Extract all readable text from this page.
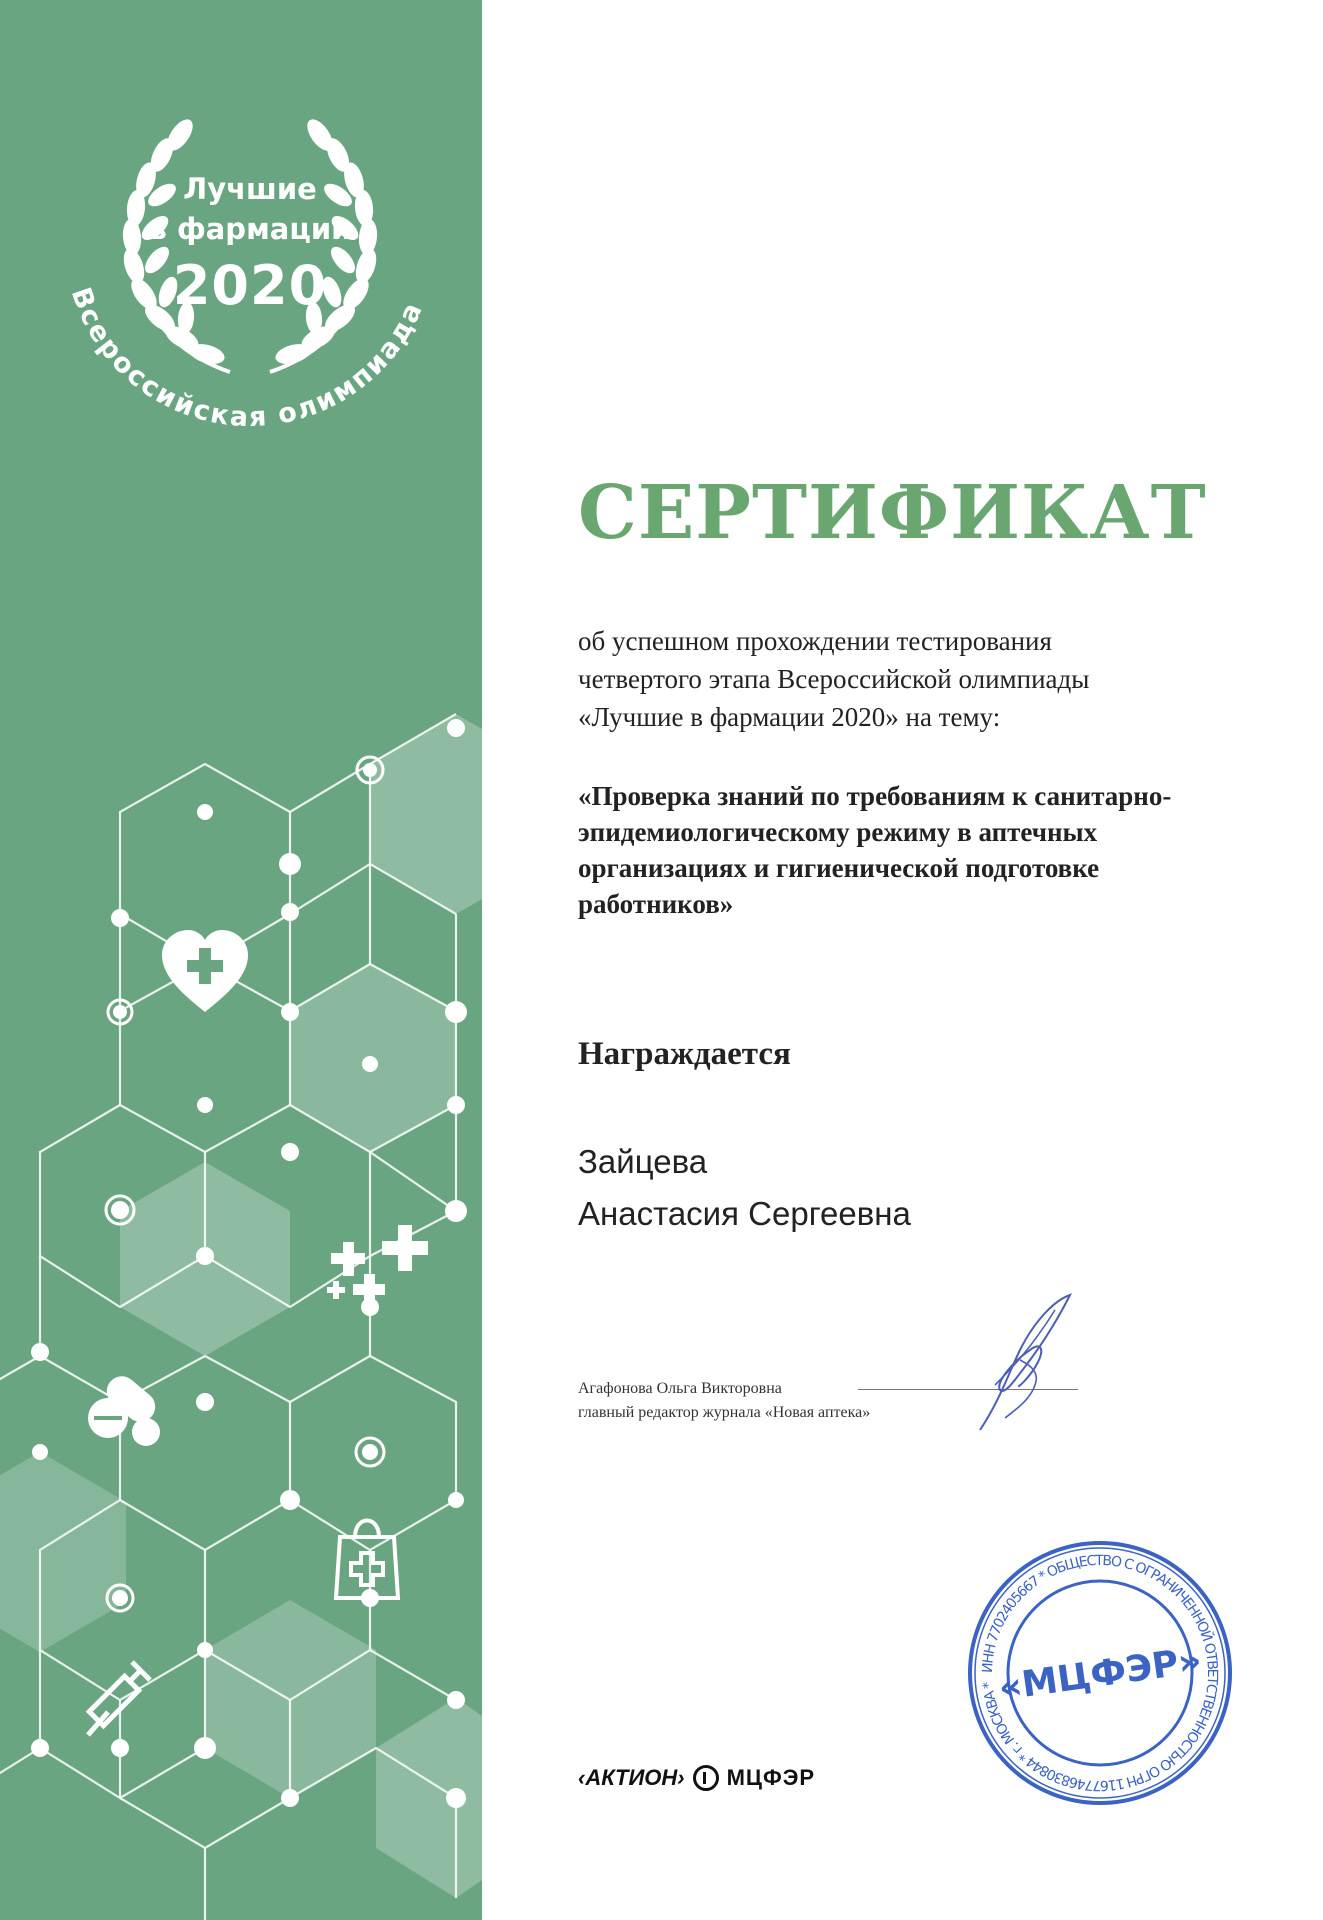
Всероссийская олимпиада
Лучшие
в фармации
2020
СЕРТИФИКАТ
об успешном прохождении тестирования
четвертого этапа Всероссийской олимпиады
«Лучшие в фармации 2020» на тему:
«Проверка знаний по требованиям к санитарно-
эпидемиологическому режиму в аптечных
организациях и гигиенической подготовке
работников»
Награждается
Зайцева
Анастасия Сергеевна
Агафонова Ольга Викторовна
главный редактор журнала «Новая аптека»
‹АКТИОН› МЦФЭР
ИНН 7702405667 * ОБЩЕСТВО С ОГРАНИЧЕННОЙ ОТВЕТСТВЕННОСТЬЮ ОГРН 1167746830844 * г. МОСКВА * «МЦФЭР»
